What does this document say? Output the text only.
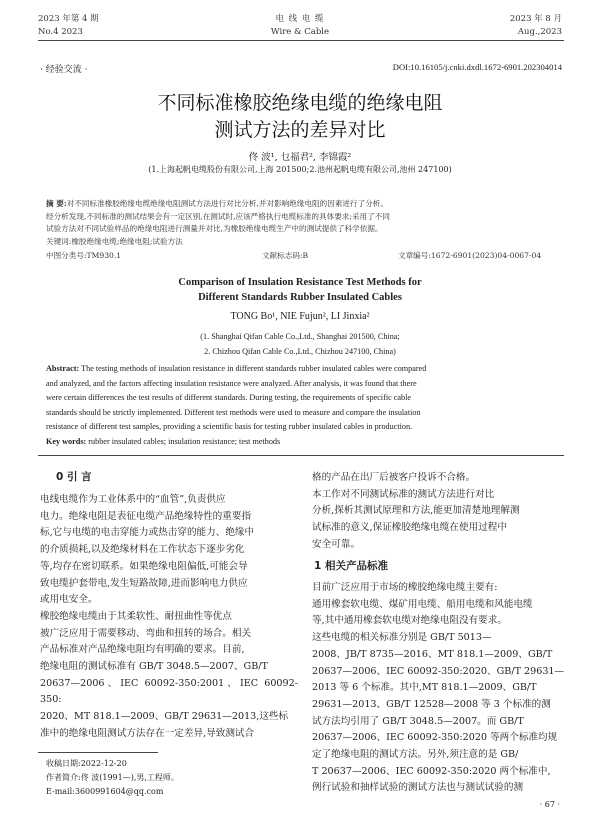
2023 年第 4 期
No.4 2023
电 线 电 缆
Wire & Cable
2023 年 8 月
Aug.,2023
· 经验交流 ·	DOI:10.16105/j.cnki.dxdl.1672-6901.202304014
不同标准橡胶绝缘电缆的绝缘电阻
测试方法的差异对比
佟 波¹, 乜福君², 李锦霞²
(1.上海起帆电缆股份有限公司,上海 201500;2.池州起帆电缆有限公司,池州 247100)
摘 要:对不同标准橡胶绝缘电缆绝缘电阻测试方法进行对比分析,并对影响绝缘电阻的因素进行了分析。
经分析发现,不同标准的测试结果会有一定区别,在测试时,应该严格执行电缆标准的具体要求;采用了不同
试验方法对不同试验样品的绝缘电阻进行测量并对比,为橡胶绝缘电缆生产中的测试提供了科学依据。
关键词:橡胶绝缘电缆;绝缘电阻;试验方法
中图分类号:TM930.1	文献标志码:B	文章编号:1672-6901(2023)04-0067-04
Comparison of Insulation Resistance Test Methods for
Different Standards Rubber Insulated Cables
TONG Bo¹, NIE Fujun², LI Jinxia²
(1. Shanghai Qifan Cable Co.,Ltd., Shanghai 201500, China;
2. Chizhou Qifan Cable Co.,Ltd., Chizhou 247100, China)
Abstract: The testing methods of insulation resistance in different standards rubber insulated cables were compared
and analyzed, and the factors affecting insulation resistance were analyzed. After analysis, it was found that there
were certain differences the test results of different standards. During testing, the requirements of specific cable
standards should be strictly implemented. Different test methods were used to measure and compare the insulation
resistance of different test samples, providing a scientific basis for testing rubber insulated cables in production.
Key words: rubber insulated cables; insulation resistance; test methods
0 引 言
电线电缆作为工业体系中的“血管”,负责供应
电力。绝缘电阻是表征电缆产品绝缘特性的重要指
标,它与电缆的电击穿能力或热击穿的能力、绝缘中
的介质损耗,以及绝缘材料在工作状态下逐步劣化
等,均存在密切联系。如果绝缘电阻偏低,可能会导
致电缆护套带电,发生短路故障,进而影响电力供应
或用电安全。
橡胶绝缘电缆由于其柔软性、耐扭曲性等优点
被广泛应用于需要移动、弯曲和扭转的场合。相关
产品标准对产品绝缘电阻均有明确的要求。目前,
绝缘电阻的测试标准有 GB/T 3048.5—2007、GB/T
20637—2006、IEC 60092-350:2001、IEC 60092-350:
2020、MT 818.1—2009、GB/T 29631—2013,这些标
准中的绝缘电阻测试方法存在一定差异,导致测试合
收稿日期:2022-12-20
作者简介:佟 波(1991—),男,工程师。
E-mail:3600991604@qq.com
格的产品在出厂后被客户投诉不合格。
本工作对不同测试标准的测试方法进行对比
分析,探析其测试原理和方法,能更加清楚地理解测
试标准的意义,保证橡胶绝缘电缆在使用过程中
安全可靠。
1 相关产品标准
目前广泛应用于市场的橡胶绝缘电缆主要有:
通用橡套软电缆、煤矿用电缆、船用电缆和风能电缆
等,其中通用橡套软电缆对绝缘电阻没有要求。
这些电缆的相关标准分别是 GB/T 5013—
2008、JB/T 8735—2016、MT 818.1—2009、GB/T
20637—2006、IEC 60092-350:2020、GB/T 29631—
2013 等 6 个标准。其中,MT 818.1—2009、GB/T
29631—2013、GB/T 12528—2008 等 3 个标准的测
试方法均引用了 GB/T 3048.5—2007。而 GB/T
20637—2006、IEC 60092-350:2020 等两个标准均规
定了绝缘电阻的测试方法。另外,须注意的是 GB/
T 20637—2006、IEC 60092-350:2020 两个标准中,
例行试验和抽样试验的测试方法也与测试试验的测
· 67 ·
